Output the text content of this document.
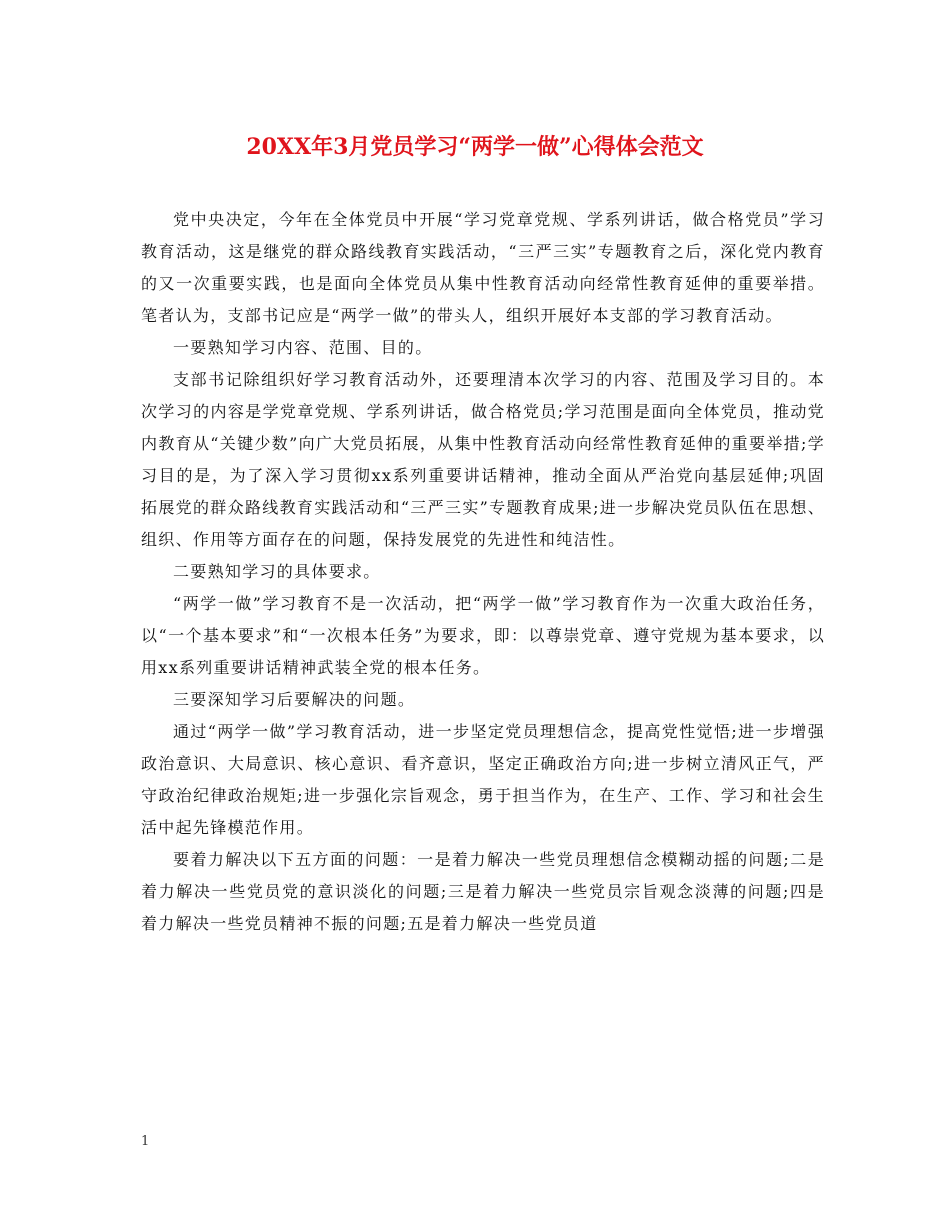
20XX年3月党员学习“两学一做”心得体会范文

党中央决定，今年在全体党员中开展“学习党章党规、学系列讲话，做合格党员”学习教育活动，这是继党的群众路线教育实践活动，“三严三实”专题教育之后，深化党内教育的又一次重要实践，也是面向全体党员从集中性教育活动向经常性教育延伸的重要举措。笔者认为，支部书记应是“两学一做”的带头人，组织开展好本支部的学习教育活动。

一要熟知学习内容、范围、目的。

支部书记除组织好学习教育活动外，还要理清本次学习的内容、范围及学习目的。本次学习的内容是学党章党规、学系列讲话，做合格党员;学习范围是面向全体党员，推动党内教育从“关键少数”向广大党员拓展，从集中性教育活动向经常性教育延伸的重要举措;学习目的是，为了深入学习贯彻xx系列重要讲话精神，推动全面从严治党向基层延伸;巩固拓展党的群众路线教育实践活动和“三严三实”专题教育成果;进一步解决党员队伍在思想、组织、作用等方面存在的问题，保持发展党的先进性和纯洁性。

二要熟知学习的具体要求。

“两学一做”学习教育不是一次活动，把“两学一做”学习教育作为一次重大政治任务，以“一个基本要求”和“一次根本任务”为要求，即：以尊崇党章、遵守党规为基本要求，以用xx系列重要讲话精神武装全党的根本任务。

三要深知学习后要解决的问题。

通过“两学一做”学习教育活动，进一步坚定党员理想信念，提高党性觉悟;进一步增强政治意识、大局意识、核心意识、看齐意识，坚定正确政治方向;进一步树立清风正气，严守政治纪律政治规矩;进一步强化宗旨观念，勇于担当作为，在生产、工作、学习和社会生活中起先锋模范作用。

要着力解决以下五方面的问题：一是着力解决一些党员理想信念模糊动摇的问题;二是着力解决一些党员党的意识淡化的问题;三是着力解决一些党员宗旨观念淡薄的问题;四是着力解决一些党员精神不振的问题;五是着力解决一些党员道

1
